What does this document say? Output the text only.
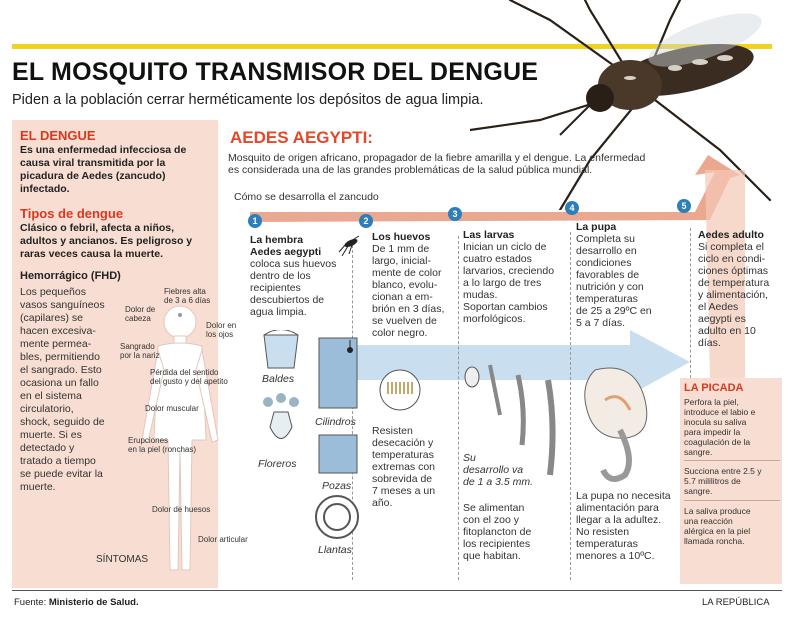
EL MOSQUITO TRANSMISOR DEL DENGUE
Piden a la población cerrar herméticamente los depósitos de agua limpia.
EL DENGUE
Es una enfermedad infecciosa de
causa viral transmitida por la
picadura de Aedes (zancudo)
infectado.
Tipos de dengue
Clásico o febril, afecta a niños,
adultos y ancianos. Es peligroso y
raras veces causa la muerte.
Hemorrágico (FHD)
Los pequeños
vasos sanguíneos
(capilares) se
hacen excesiva-
mente permea-
bles, permitiendo
el sangrado. Esto
ocasiona un fallo
en el sistema
circulatorio,
shock, seguido de
muerte. Si es
detectado y
tratado a tiempo
se puede evitar la
muerte.
Fiebres alta
de 3 a 6 días
Dolor de
cabeza
Dolor en
los ojos
Sangrado
por la nariz
Pérdida del sentido
del gusto y del apetito
Dolor muscular
Erupciones
en la piel (ronchas)
Dolor de huesos
Dolor articular
SÍNTOMAS
AEDES AEGYPTI:
Mosquito de origen africano, propagador de la fiebre amarilla y el dengue. La enfermedad
es considerada una de las grandes problemáticas de la salud pública mundial.
Cómo se desarrolla el zancudo
1	2
3
4	5
La hembra
Aedes aegypti
coloca sus huevos
dentro de los
recipientes
descubiertos de
agua limpia.
Baldes
Floreros
Cilindros
Pozas
Llantas
Los huevos
De 1 mm de
largo, inicial-
mente de color
blanco, evolu-
cionan a em-
brión en 3 días,
se vuelven de
color negro.
Resisten
desecación y
temperaturas
extremas con
sobrevida de
7 meses a un
año.
Las larvas
Inician un ciclo de
cuatro estados
larvarios, creciendo
a lo largo de tres
mudas.
Soportan cambios
morfológicos.
Su
desarrollo va
de 1 a 3.5 mm.
Se alimentan
con el zoo y
fitoplancton de
los recipientes
que habitan.
La pupa
Completa su
desarrollo en
condiciones
favorables de
nutrición y con
temperaturas
de 25 a 29ºC en
5 a 7 días.
La pupa no necesita
alimentación para
llegar a la adultez.
No resisten
temperaturas
menores a 10ºC.
Aedes adulto
Si completa el
ciclo en condi-
ciones óptimas
de temperatura
y alimentación,
el Aedes
aegypti es
adulto en 10
días.
LA PICADA
Perfora la piel,
introduce el labio e
inocula su saliva
para impedir la
coagulación de la
sangre.
Succiona entre 2.5 y
5.7 mililitros de
sangre.
La saliva produce
una reacción
alérgica en la piel
llamada roncha.
Fuente: Ministerio de Salud.	LA REPÚBLICA
